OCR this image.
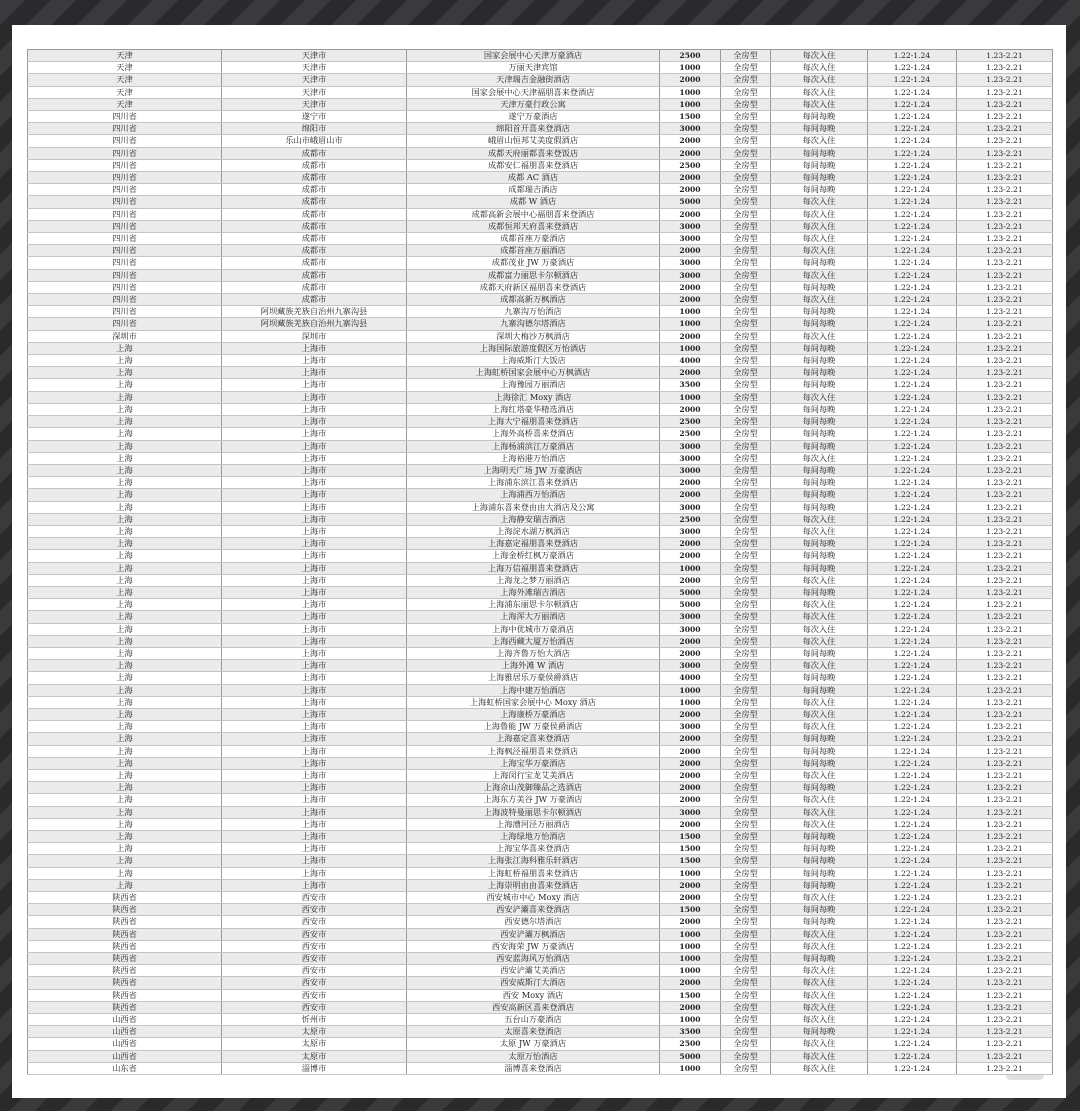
天津	天津市	国家会展中心天津万豪酒店	2500	全房型	每次入住	1.22-1.24	1.23-2.21
天津	天津市	万丽天津宾馆	1000	全房型	每次入住	1.22-1.24	1.23-2.21
天津	天津市	天津瑞吉金融街酒店	2000	全房型	每次入住	1.22-1.24	1.23-2.21
天津	天津市	国家会展中心天津福朋喜来登酒店	1000	全房型	每次入住	1.22-1.24	1.23-2.21
天津	天津市	天津万豪行政公寓	1000	全房型	每次入住	1.22-1.24	1.23-2.21
四川省	遂宁市	遂宁万豪酒店	1500	全房型	每间每晚	1.22-1.24	1.23-2.21
四川省	绵阳市	绵阳首开喜来登酒店	3000	全房型	每间每晚	1.22-1.24	1.23-2.21
四川省	乐山市峨眉山市	峨眉山恒邦艾美度假酒店	2000	全房型	每次入住	1.22-1.24	1.23-2.21
四川省	成都市	成都天府丽都喜来登饭店	2000	全房型	每间每晚	1.22-1.24	1.23-2.21
四川省	成都市	成都安仁福朋喜来登酒店	2500	全房型	每间每晚	1.22-1.24	1.23-2.21
四川省	成都市	成都 AC 酒店	2000	全房型	每间每晚	1.22-1.24	1.23-2.21
四川省	成都市	成都瑞吉酒店	2000	全房型	每间每晚	1.22-1.24	1.23-2.21
四川省	成都市	成都 W 酒店	5000	全房型	每次入住	1.22-1.24	1.23-2.21
四川省	成都市	成都高新会展中心福朋喜来登酒店	2000	全房型	每次入住	1.22-1.24	1.23-2.21
四川省	成都市	成都恒邦天府喜来登酒店	3000	全房型	每次入住	1.22-1.24	1.23-2.21
四川省	成都市	成都首座万豪酒店	3000	全房型	每次入住	1.22-1.24	1.23-2.21
四川省	成都市	成都首座万丽酒店	2000	全房型	每次入住	1.22-1.24	1.23-2.21
四川省	成都市	成都茂业 JW 万豪酒店	3000	全房型	每间每晚	1.22-1.24	1.23-2.21
四川省	成都市	成都富力丽思卡尔顿酒店	3000	全房型	每次入住	1.22-1.24	1.23-2.21
四川省	成都市	成都天府新区福朋喜来登酒店	2000	全房型	每间每晚	1.22-1.24	1.23-2.21
四川省	成都市	成都高新万枫酒店	2000	全房型	每次入住	1.22-1.24	1.23-2.21
四川省	阿坝藏族羌族自治州九寨沟县	九寨沟万怡酒店	1000	全房型	每间每晚	1.22-1.24	1.23-2.21
四川省	阿坝藏族羌族自治州九寨沟县	九寨沟德尔塔酒店	1000	全房型	每间每晚	1.22-1.24	1.23-2.21
深圳市	深圳市	深圳大梅沙万枫酒店	2000	全房型	每次入住	1.22-1.24	1.23-2.21
上海	上海市	上海国际旅游度假区万怡酒店	1000	全房型	每间每晚	1.22-1.24	1.23-2.21
上海	上海市	上海威斯汀大饭店	4000	全房型	每间每晚	1.22-1.24	1.23-2.21
上海	上海市	上海虹桥国家会展中心万枫酒店	2000	全房型	每间每晚	1.22-1.24	1.23-2.21
上海	上海市	上海豫园万丽酒店	3500	全房型	每间每晚	1.22-1.24	1.23-2.21
上海	上海市	上海徐汇 Moxy 酒店	1000	全房型	每次入住	1.22-1.24	1.23-2.21
上海	上海市	上海红塔豪华精选酒店	2000	全房型	每间每晚	1.22-1.24	1.23-2.21
上海	上海市	上海大宁福朋喜来登酒店	2500	全房型	每间每晚	1.22-1.24	1.23-2.21
上海	上海市	上海外高桥喜来登酒店	2500	全房型	每间每晚	1.22-1.24	1.23-2.21
上海	上海市	上海杨浦滨江万豪酒店	3000	全房型	每间每晚	1.22-1.24	1.23-2.21
上海	上海市	上海裕港万怡酒店	3000	全房型	每次入住	1.22-1.24	1.23-2.21
上海	上海市	上海明天广场 JW 万豪酒店	3000	全房型	每间每晚	1.22-1.24	1.23-2.21
上海	上海市	上海浦东滨江喜来登酒店	2000	全房型	每间每晚	1.22-1.24	1.23-2.21
上海	上海市	上海浦西万怡酒店	2000	全房型	每间每晚	1.22-1.24	1.23-2.21
上海	上海市	上海浦东喜来登由由大酒店及公寓	3000	全房型	每间每晚	1.22-1.24	1.23-2.21
上海	上海市	上海静安瑞吉酒店	2500	全房型	每次入住	1.22-1.24	1.23-2.21
上海	上海市	上海淀水湖万枫酒店	3000	全房型	每次入住	1.22-1.24	1.23-2.21
上海	上海市	上海嘉定福朋喜来登酒店	2000	全房型	每间每晚	1.22-1.24	1.23-2.21
上海	上海市	上海金桥红枫万豪酒店	2000	全房型	每间每晚	1.22-1.24	1.23-2.21
上海	上海市	上海万信福朋喜来登酒店	1000	全房型	每间每晚	1.22-1.24	1.23-2.21
上海	上海市	上海龙之梦万丽酒店	2000	全房型	每次入住	1.22-1.24	1.23-2.21
上海	上海市	上海外滩瑞吉酒店	5000	全房型	每间每晚	1.22-1.24	1.23-2.21
上海	上海市	上海浦东丽思卡尔顿酒店	5000	全房型	每次入住	1.22-1.24	1.23-2.21
上海	上海市	上海浑大万丽酒店	3000	全房型	每次入住	1.22-1.24	1.23-2.21
上海	上海市	上海中优城市万豪酒店	3000	全房型	每次入住	1.22-1.24	1.23-2.21
上海	上海市	上海西藏大厦万怡酒店	2000	全房型	每次入住	1.22-1.24	1.23-2.21
上海	上海市	上海齐鲁万怡大酒店	2000	全房型	每间每晚	1.22-1.24	1.23-2.21
上海	上海市	上海外滩 W 酒店	3000	全房型	每次入住	1.22-1.24	1.23-2.21
上海	上海市	上海雅居乐万豪侯爵酒店	4000	全房型	每间每晚	1.22-1.24	1.23-2.21
上海	上海市	上海中建万怡酒店	1000	全房型	每间每晚	1.22-1.24	1.23-2.21
上海	上海市	上海虹桥国家会展中心 Moxy 酒店	1000	全房型	每次入住	1.22-1.24	1.23-2.21
上海	上海市	上海康桥万豪酒店	2000	全房型	每次入住	1.22-1.24	1.23-2.21
上海	上海市	上海鲁能 JW 万豪侯爵酒店	3000	全房型	每次入住	1.22-1.24	1.23-2.21
上海	上海市	上海嘉定喜来登酒店	2000	全房型	每间每晚	1.22-1.24	1.23-2.21
上海	上海市	上海枫泾福朋喜来登酒店	2000	全房型	每间每晚	1.22-1.24	1.23-2.21
上海	上海市	上海宝华万豪酒店	2000	全房型	每间每晚	1.22-1.24	1.23-2.21
上海	上海市	上海闵行宝龙艾美酒店	2000	全房型	每次入住	1.22-1.24	1.23-2.21
上海	上海市	上海佘山茂御臻品之选酒店	2000	全房型	每间每晚	1.22-1.24	1.23-2.21
上海	上海市	上海东方美谷 JW 万豪酒店	2000	全房型	每次入住	1.22-1.24	1.23-2.21
上海	上海市	上海波特曼丽思卡尔顿酒店	3000	全房型	每次入住	1.22-1.24	1.23-2.21
上海	上海市	上海漕河泾万丽酒店	2000	全房型	每次入住	1.22-1.24	1.23-2.21
上海	上海市	上海绿地万怡酒店	1500	全房型	每间每晚	1.22-1.24	1.23-2.21
上海	上海市	上海宝华喜来登酒店	1500	全房型	每间每晚	1.22-1.24	1.23-2.21
上海	上海市	上海张江海科雅乐轩酒店	1500	全房型	每间每晚	1.22-1.24	1.23-2.21
上海	上海市	上海虹桥福朋喜来登酒店	1000	全房型	每间每晚	1.22-1.24	1.23-2.21
上海	上海市	上海崇明由由喜来登酒店	2000	全房型	每间每晚	1.22-1.24	1.23-2.21
陕西省	西安市	西安城市中心 Moxy 酒店	2000	全房型	每次入住	1.22-1.24	1.23-2.21
陕西省	西安市	西安浐灞喜来登酒店	1500	全房型	每间每晚	1.22-1.24	1.23-2.21
陕西省	西安市	西安德尔塔酒店	2000	全房型	每间每晚	1.22-1.24	1.23-2.21
陕西省	西安市	西安浐灞万枫酒店	1000	全房型	每次入住	1.22-1.24	1.23-2.21
陕西省	西安市	西安海荣 JW 万豪酒店	1000	全房型	每次入住	1.22-1.24	1.23-2.21
陕西省	西安市	西安蓝海风万怡酒店	1000	全房型	每间每晚	1.22-1.24	1.23-2.21
陕西省	西安市	西安浐灞艾美酒店	1000	全房型	每次入住	1.22-1.24	1.23-2.21
陕西省	西安市	西安威斯汀大酒店	2000	全房型	每次入住	1.22-1.24	1.23-2.21
陕西省	西安市	西安 Moxy 酒店	1500	全房型	每次入住	1.22-1.24	1.23-2.21
陕西省	西安市	西安高新区喜来登酒店	2000	全房型	每次入住	1.22-1.24	1.23-2.21
山西省	忻州市	五台山万豪酒店	1000	全房型	每次入住	1.22-1.24	1.23-2.21
山西省	太原市	太原喜来登酒店	3500	全房型	每间每晚	1.22-1.24	1.23-2.21
山西省	太原市	太原 JW 万豪酒店	2500	全房型	每次入住	1.22-1.24	1.23-2.21
山西省	太原市	太原万怡酒店	5000	全房型	每次入住	1.22-1.24	1.23-2.21
山东省	淄博市	淄博喜来登酒店	1000	全房型	每次入住	1.22-1.24	1.23-2.21
